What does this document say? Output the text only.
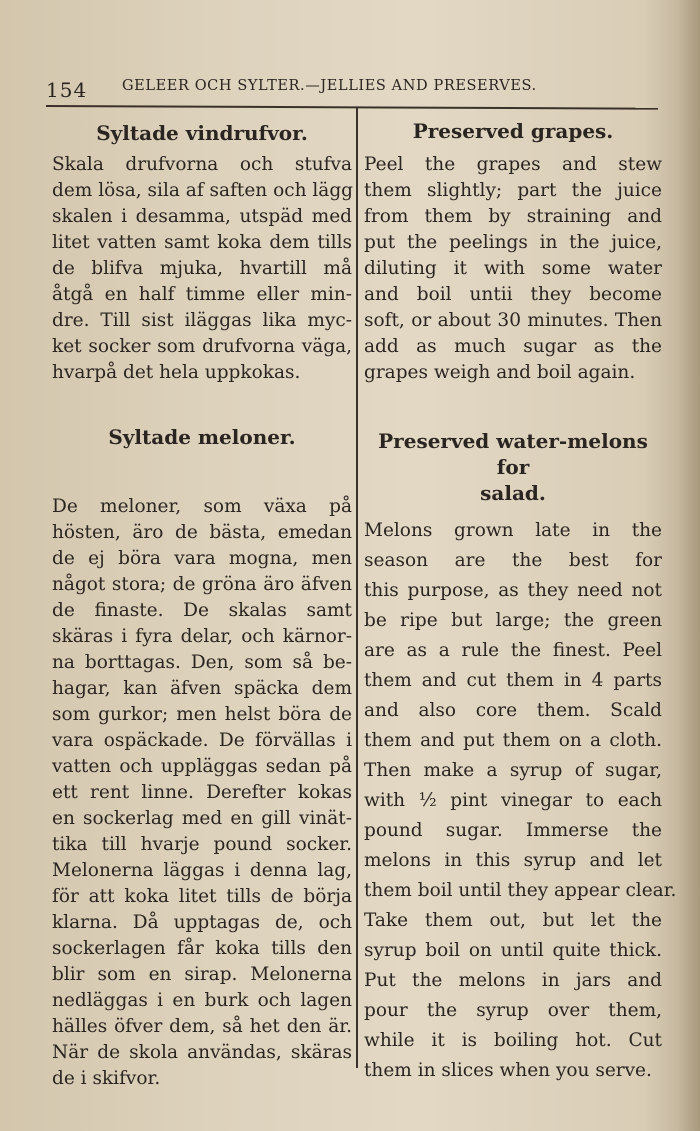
154 GELEER OCH SYLTER.—JELLIES AND PRESERVES.
Syltade vindrufvor.
Skala drufvorna och stufva
dem lösa, sila af saften och lägg
skalen i desamma, utspäd med
litet vatten samt koka dem tills
de blifva mjuka, hvartill må
åtgå en half timme eller min-
dre. Till sist iläggas lika myc-
ket socker som drufvorna väga,
hvarpå det hela uppkokas.
Syltade meloner.
De meloner, som växa på
hösten, äro de bästa, emedan
de ej böra vara mogna, men
något stora; de gröna äro äfven
de finaste. De skalas samt
skäras i fyra delar, och kärnor-
na borttagas. Den, som så be-
hagar, kan äfven späcka dem
som gurkor; men helst böra de
vara ospäckade. De förvällas i
vatten och uppläggas sedan på
ett rent linne. Derefter kokas
en sockerlag med en gill vinät-
tika till hvarje pound socker.
Melonerna läggas i denna lag,
för att koka litet tills de börja
klarna. Då upptagas de, och
sockerlagen får koka tills den
blir som en sirap. Melonerna
nedläggas i en burk och lagen
hälles öfver dem, så het den är.
När de skola användas, skäras
de i skifvor.
Preserved grapes.
Peel the grapes and stew
them slightly; part the juice
from them by straining and
put the peelings in the juice,
diluting it with some water
and boil untii they become
soft, or about 30 minutes. Then
add as much sugar as the
grapes weigh and boil again.
Preserved water-melons for
salad.
Melons grown late in the
season are the best for
this purpose, as they need not
be ripe but large; the green
are as a rule the finest. Peel
them and cut them in 4 parts
and also core them. Scald
them and put them on a cloth.
Then make a syrup of sugar,
with ½ pint vinegar to each
pound sugar. Immerse the
melons in this syrup and let
them boil until they appear clear.
Take them out, but let the
syrup boil on until quite thick.
Put the melons in jars and
pour the syrup over them,
while it is boiling hot. Cut
them in slices when you serve.
